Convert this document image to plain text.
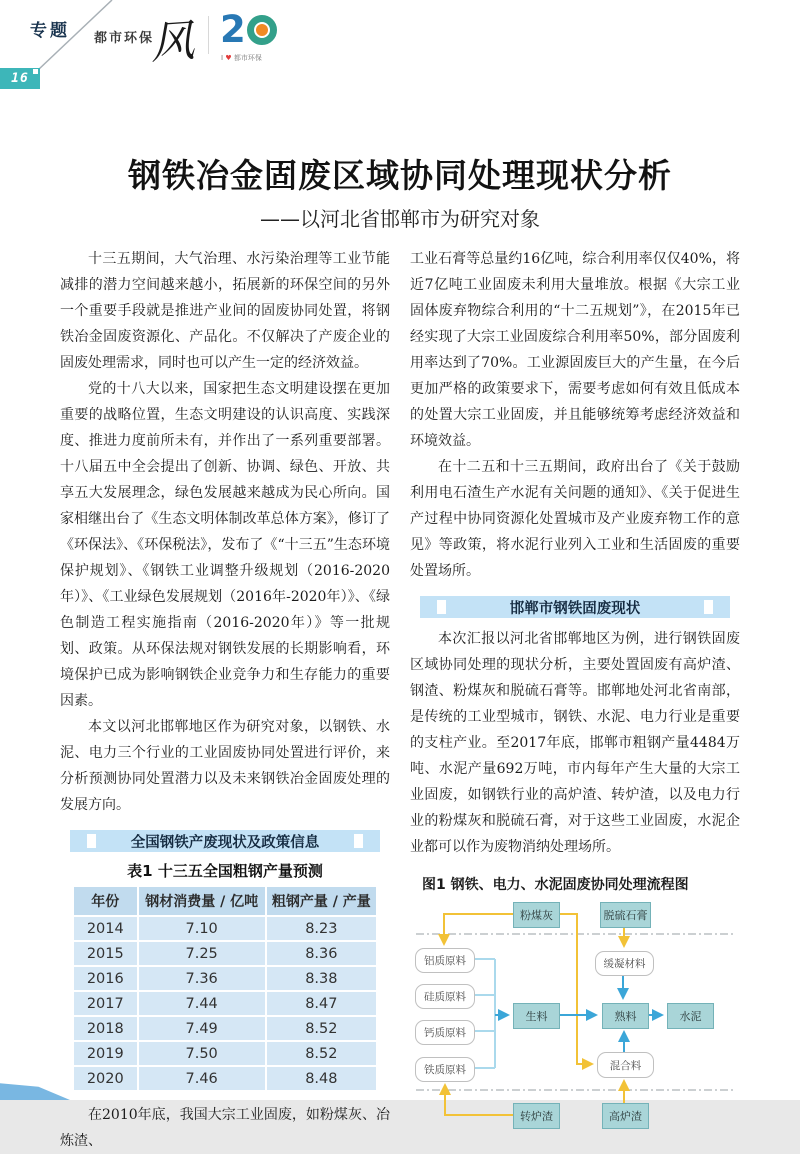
专题
16
都市环保
风 2
I ♥ 都市环保
钢铁冶金固废区域协同处理现状分析
——以河北省邯郸市为研究对象

十三五期间，大气治理、水污染治理等工业节能减排的潜力空间越来越小，拓展新的环保空间的另外一个重要手段就是推进产业间的固废协同处置，将钢铁冶金固废资源化、产品化。不仅解决了产废企业的固废处理需求，同时也可以产生一定的经济效益。

党的十八大以来，国家把生态文明建设摆在更加重要的战略位置，生态文明建设的认识高度、实践深度、推进力度前所未有，并作出了一系列重要部署。十八届五中全会提出了创新、协调、绿色、开放、共享五大发展理念，绿色发展越来越成为民心所向。国家相继出台了《生态文明体制改革总体方案》，修订了《环保法》、《环保税法》，发布了《“十三五”生态环境保护规划》、《钢铁工业调整升级规划（2016-2020年）》、《工业绿色发展规划（2016年-2020年）》、《绿色制造工程实施指南（2016-2020年）》等一批规划、政策。从环保法规对钢铁发展的长期影响看，环境保护已成为影响钢铁企业竞争力和生存能力的重要因素。

本文以河北邯郸地区作为研究对象，以钢铁、水泥、电力三个行业的工业固废协同处置进行评价，来分析预测协同处置潜力以及未来钢铁冶金固废处理的发展方向。

全国钢铁产废现状及政策信息
表1 十三五全国粗钢产量预测
年份	钢材消费量 / 亿吨	粗钢产量 / 产量
2014	7.10	8.23
2015	7.25	8.36
2016	7.36	8.38
2017	7.44	8.47
2018	7.49	8.52
2019	7.50	8.52
2020	7.46	8.48

在2010年底，我国大宗工业固废，如粉煤灰、冶炼渣、

工业石膏等总量约16亿吨，综合利用率仅仅40%，将近7亿吨工业固废未利用大量堆放。根据《大宗工业固体废弃物综合利用的“十二五规划”》，在2015年已经实现了大宗工业固废综合利用率50%，部分固废利用率达到了70%。工业源固废巨大的产生量，在今后更加严格的政策要求下，需要考虑如何有效且低成本的处置大宗工业固废，并且能够统筹考虑经济效益和环境效益。

在十二五和十三五期间，政府出台了《关于鼓励利用电石渣生产水泥有关问题的通知》、《关于促进生产过程中协同资源化处置城市及产业废弃物工作的意见》等政策，将水泥行业列入工业和生活固废的重要处置场所。

邯郸市钢铁固废现状

本次汇报以河北省邯郸地区为例，进行钢铁固废区域协同处理的现状分析，主要处置固废有高炉渣、钢渣、粉煤灰和脱硫石膏等。邯郸地处河北省南部，是传统的工业型城市，钢铁、水泥、电力行业是重要的支柱产业。至2017年底，邯郸市粗钢产量4484万吨、水泥产量692万吨，市内每年产生大量的大宗工业固废，如钢铁行业的高炉渣、转炉渣，以及电力行业的粉煤灰和脱硫石膏，对于这些工业固废，水泥企业都可以作为废物消纳处理场所。

图1 钢铁、电力、水泥固废协同处理流程图
粉煤灰	脱硫石膏
铝质原料
硅质原料
钙质原料
铁质原料
缓凝材料
生料	熟料	水泥
混合料
转炉渣	高炉渣
